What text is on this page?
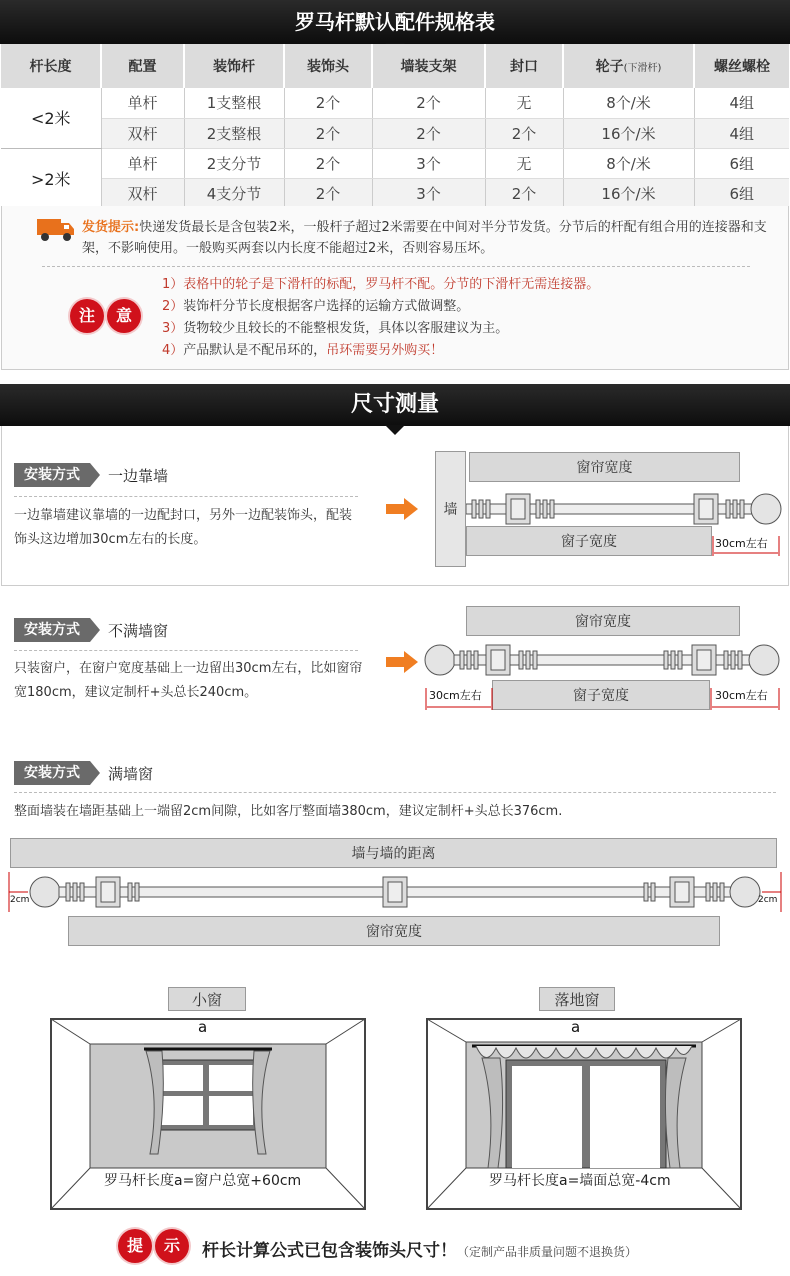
罗马杆默认配件规格表
杆长度	配置	装饰杆	装饰头	墙装支架	封口	轮子(下滑杆)	螺丝螺栓
<2米	单杆	1支整根	2个	2个	无	8个/米	4组
	双杆	2支整根	2个	2个	2个	16个/米	4组
>2米	单杆	2支分节	2个	3个	无	8个/米	6组
	双杆	4支分节	2个	3个	2个	16个/米	6组
发货提示:快递发货最长是含包装2米，一般杆子超过2米需要在中间对半分节发货。分节后的杆配有组合用的连接器和支架，不影响使用。一般购买两套以内长度不能超过2米，否则容易压坏。
注	意
1）表格中的轮子是下滑杆的标配，罗马杆不配。分节的下滑杆无需连接器。
2）装饰杆分节长度根据客户选择的运输方式做调整。
3）货物较少且较长的不能整根发货，具体以客服建议为主。
4）产品默认是不配吊环的，吊环需要另外购买！
尺寸测量
安装方式	一边靠墙
一边靠墙建议靠墙的一边配封口，另外一边配装饰头，配装饰头这边增加30cm左右的长度。
墙
窗帘宽度
窗子宽度	30cm左右
安装方式	不满墙窗
只装窗户，在窗户宽度基础上一边留出30cm左右，比如窗帘宽180cm，建议定制杆+头总长240cm。
窗帘宽度
窗子宽度
30cm左右	30cm左右
安装方式	满墙窗
整面墙装在墙距基础上一端留2cm间隙，比如客厅整面墙380cm，建议定制杆+头总长376cm.
墙与墙的距离
2cm	2cm
窗帘宽度
小窗	落地窗
a
罗马杆长度a=窗户总宽+60cm
a
罗马杆长度a=墙面总宽-4cm
提	示	杆长计算公式已包含装饰头尺寸！（定制产品非质量问题不退换货）
